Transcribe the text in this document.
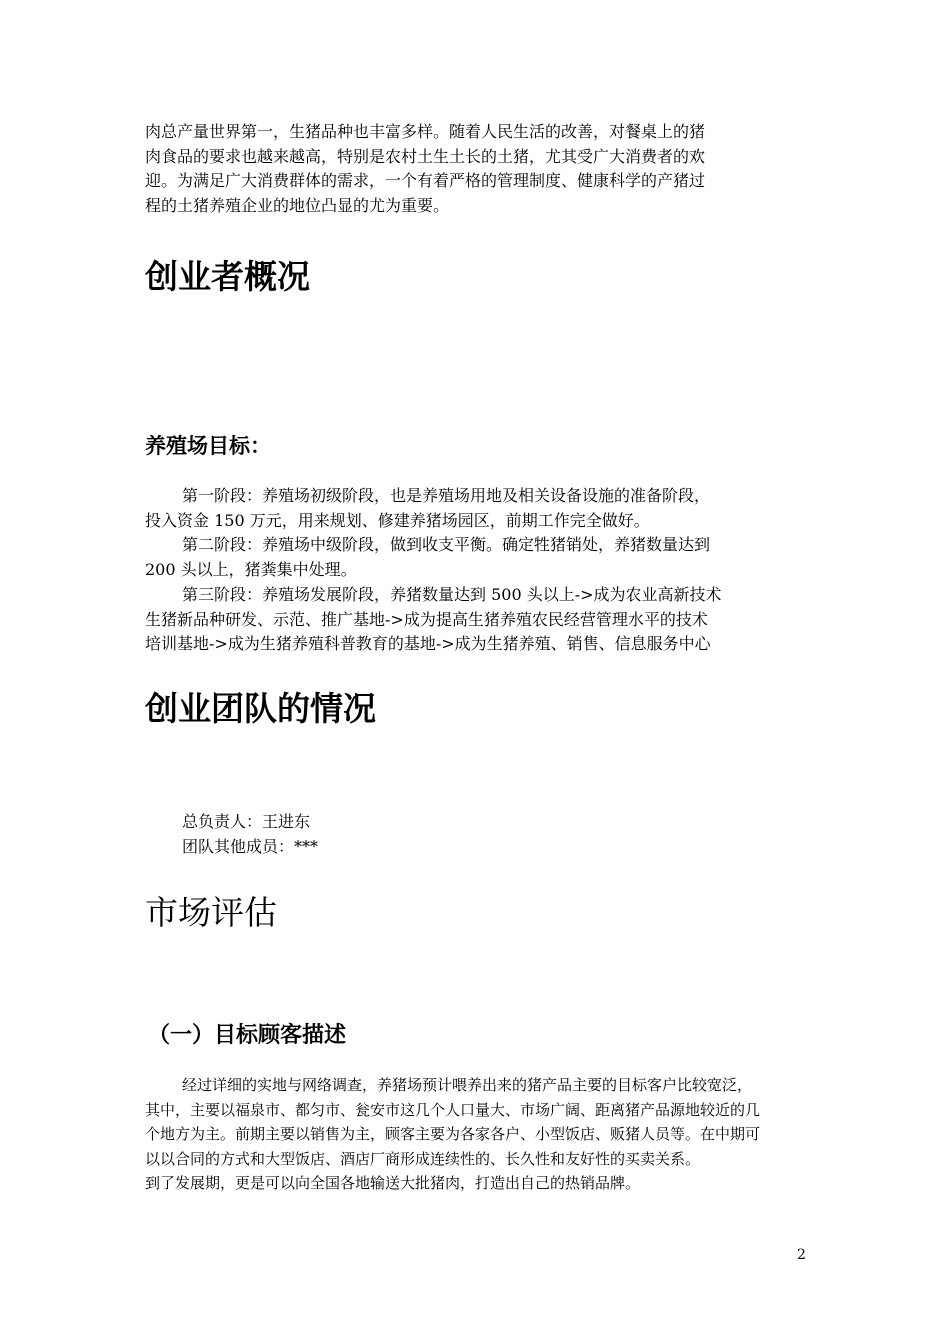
肉总产量世界第一，生猪品种也丰富多样。随着人民生活的改善，对餐桌上的猪
肉食品的要求也越来越高，特别是农村土生土长的土猪，尤其受广大消费者的欢
迎。为满足广大消费群体的需求，一个有着严格的管理制度、健康科学的产猪过
程的土猪养殖企业的地位凸显的尤为重要。
创业者概况
养殖场目标：
第一阶段：养殖场初级阶段，也是养殖场用地及相关设备设施的准备阶段，
投入资金 150 万元，用来规划、修建养猪场园区，前期工作完全做好。
第二阶段：养殖场中级阶段，做到收支平衡。确定牲猪销处，养猪数量达到
200 头以上，猪粪集中处理。
第三阶段：养殖场发展阶段，养猪数量达到 500 头以上->成为农业高新技术
生猪新品种研发、示范、推广基地->成为提高生猪养殖农民经营管理水平的技术
培训基地->成为生猪养殖科普教育的基地->成为生猪养殖、销售、信息服务中心
创业团队的情况
总负责人：王进东
团队其他成员：***
市场评估
（一）目标顾客描述
经过详细的实地与网络调查，养猪场预计喂养出来的猪产品主要的目标客户比较宽泛，
其中，主要以福泉市、都匀市、瓮安市这几个人口量大、市场广阔、距离猪产品源地较近的几
个地方为主。前期主要以销售为主，顾客主要为各家各户、小型饭店、贩猪人员等。在中期可
以以合同的方式和大型饭店、酒店厂商形成连续性的、长久性和友好性的买卖关系。
到了发展期，更是可以向全国各地输送大批猪肉，打造出自己的热销品牌。
2
